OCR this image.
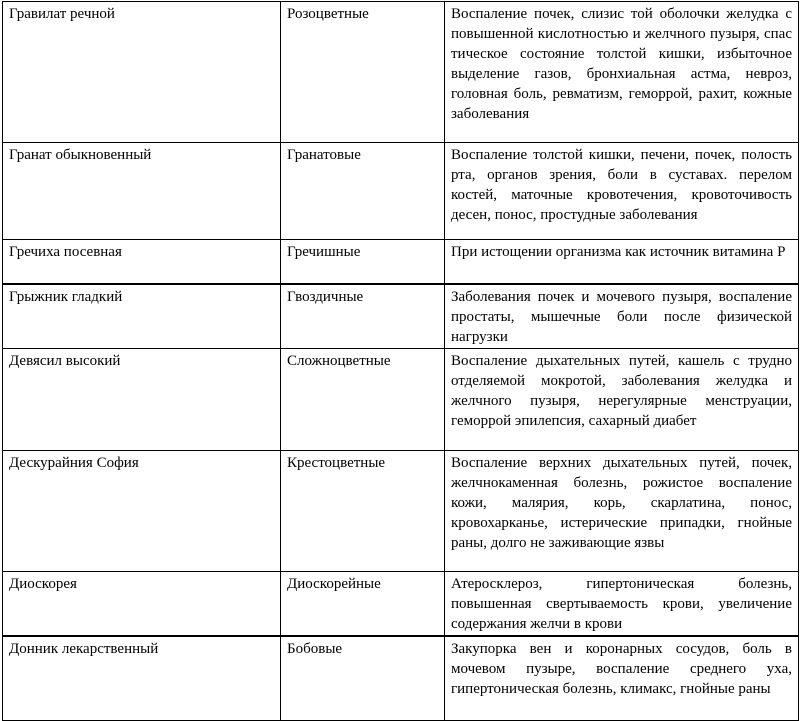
Гравилат речной	Розоцветные	Воспаление почек, слизис той оболочки желудка с повышенной кислотностью и желчного пузыря, спас тическое состояние толстой кишки, избыточное выделение газов, бронхиальная астма, невроз, головная боль, ревматизм, геморрой, рахит, кожные заболевания
Гранат обыкновенный	Гранатовые	Воспаление толстой кишки, печени, почек, полость рта, органов зрения, боли в суставах. перелом костей, маточные кровотечения, кровоточивость десен, понос, простудные заболевания
Гречиха посевная	Гречишные	При истощении организма как источник витамина Р
Грыжник гладкий	Гвоздичные	Заболевания почек и мочевого пузыря, воспаление простаты, мышечные боли после физической нагрузки
Девясил высокий	Сложноцветные	Воспаление дыхательных путей, кашель с трудно отделяемой мокротой, заболевания желудка и желчного пузыря, нерегулярные менструации, геморрой эпилепсия, сахарный диабет
Дескурайния София	Крестоцветные	Воспаление верхних дыхательных путей, почек, желчнокаменная болезнь, рожистое воспаление кожи, малярия, корь, скарлатина, понос, кровохарканье, истерические припадки, гнойные раны, долго не заживающие язвы
Диоскорея	Диоскорейные	Атеросклероз, гипертоническая болезнь, повышенная свертываемость крови, увеличение содержания желчи в крови
Донник лекарственный	Бобовые	Закупорка вен и коронарных сосудов, боль в мочевом пузыре, воспаление среднего уха, гипертоническая болезнь, климакс, гнойные раны
